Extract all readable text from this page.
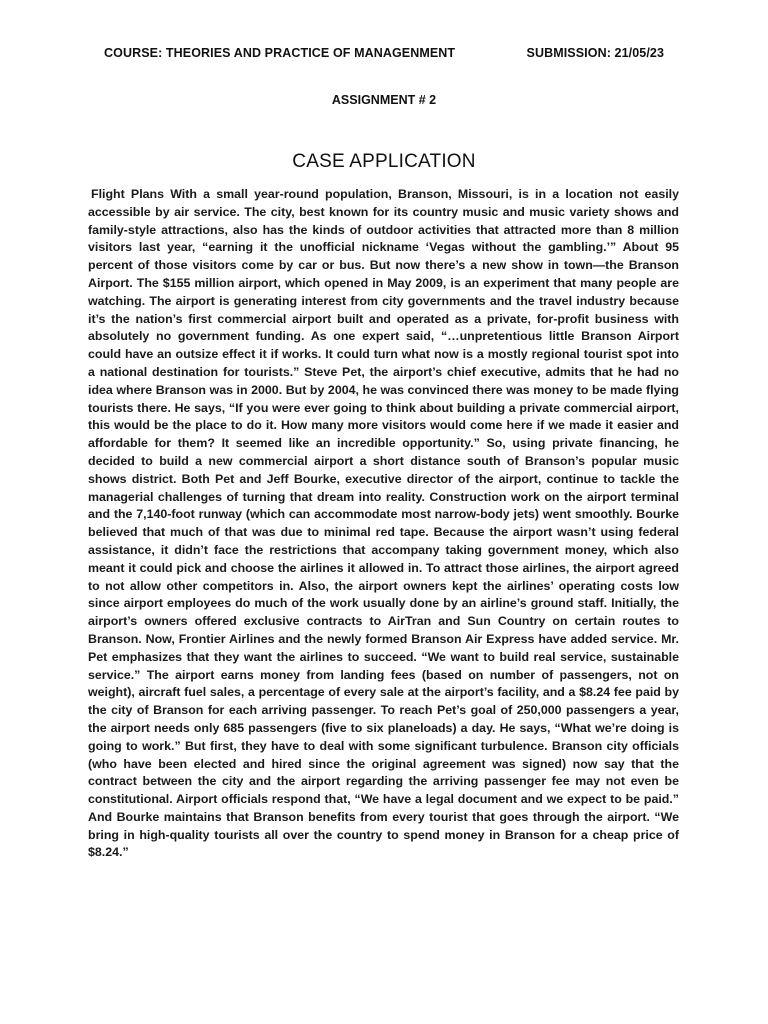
COURSE: THEORIES AND PRACTICE OF MANAGENMENT	SUBMISSION: 21/05/23
ASSIGNMENT # 2
CASE APPLICATION

Flight Plans With a small year-round population, Branson, Missouri, is in a location not easily accessible by air service. The city, best known for its country music and music variety shows and family-style attractions, also has the kinds of outdoor activities that attracted more than 8 million visitors last year, “earning it the unofficial nickname ‘Vegas without the gambling.’” About 95 percent of those visitors come by car or bus. But now there’s a new show in town—the Branson Airport. The $155 million airport, which opened in May 2009, is an experiment that many people are watching. The airport is generating interest from city governments and the travel industry because it’s the nation’s first commercial airport built and operated as a private, for-profit business with absolutely no government funding. As one expert said, “…unpretentious little Branson Airport could have an outsize effect it if works. It could turn what now is a mostly regional tourist spot into a national destination for tourists.” Steve Pet, the airport’s chief executive, admits that he had no idea where Branson was in 2000. But by 2004, he was convinced there was money to be made flying tourists there. He says, “If you were ever going to think about building a private commercial airport, this would be the place to do it. How many more visitors would come here if we made it easier and affordable for them? It seemed like an incredible opportunity.” So, using private financing, he decided to build a new commercial airport a short distance south of Branson’s popular music shows district. Both Pet and Jeff Bourke, executive director of the airport, continue to tackle the managerial challenges of turning that dream into reality. Construction work on the airport terminal and the 7,140-foot runway (which can accommodate most narrow-body jets) went smoothly. Bourke believed that much of that was due to minimal red tape. Because the airport wasn’t using federal assistance, it didn’t face the restrictions that accompany taking government money, which also meant it could pick and choose the airlines it allowed in. To attract those airlines, the airport agreed to not allow other competitors in. Also, the airport owners kept the airlines’ operating costs low since airport employees do much of the work usually done by an airline’s ground staff. Initially, the airport’s owners offered exclusive contracts to AirTran and Sun Country on certain routes to Branson. Now, Frontier Airlines and the newly formed Branson Air Express have added service. Mr. Pet emphasizes that they want the airlines to succeed. “We want to build real service, sustainable service.” The airport earns money from landing fees (based on number of passengers, not on weight), aircraft fuel sales, a percentage of every sale at the airport’s facility, and a $8.24 fee paid by the city of Branson for each arriving passenger. To reach Pet’s goal of 250,000 passengers a year, the airport needs only 685 passengers (five to six planeloads) a day. He says, “What we’re doing is going to work.” But first, they have to deal with some significant turbulence. Branson city officials (who have been elected and hired since the original agreement was signed) now say that the contract between the city and the airport regarding the arriving passenger fee may not even be constitutional. Airport officials respond that, “We have a legal document and we expect to be paid.” And Bourke maintains that Branson benefits from every tourist that goes through the airport. “We bring in high-quality tourists all over the country to spend money in Branson for a cheap price of $8.24.”
